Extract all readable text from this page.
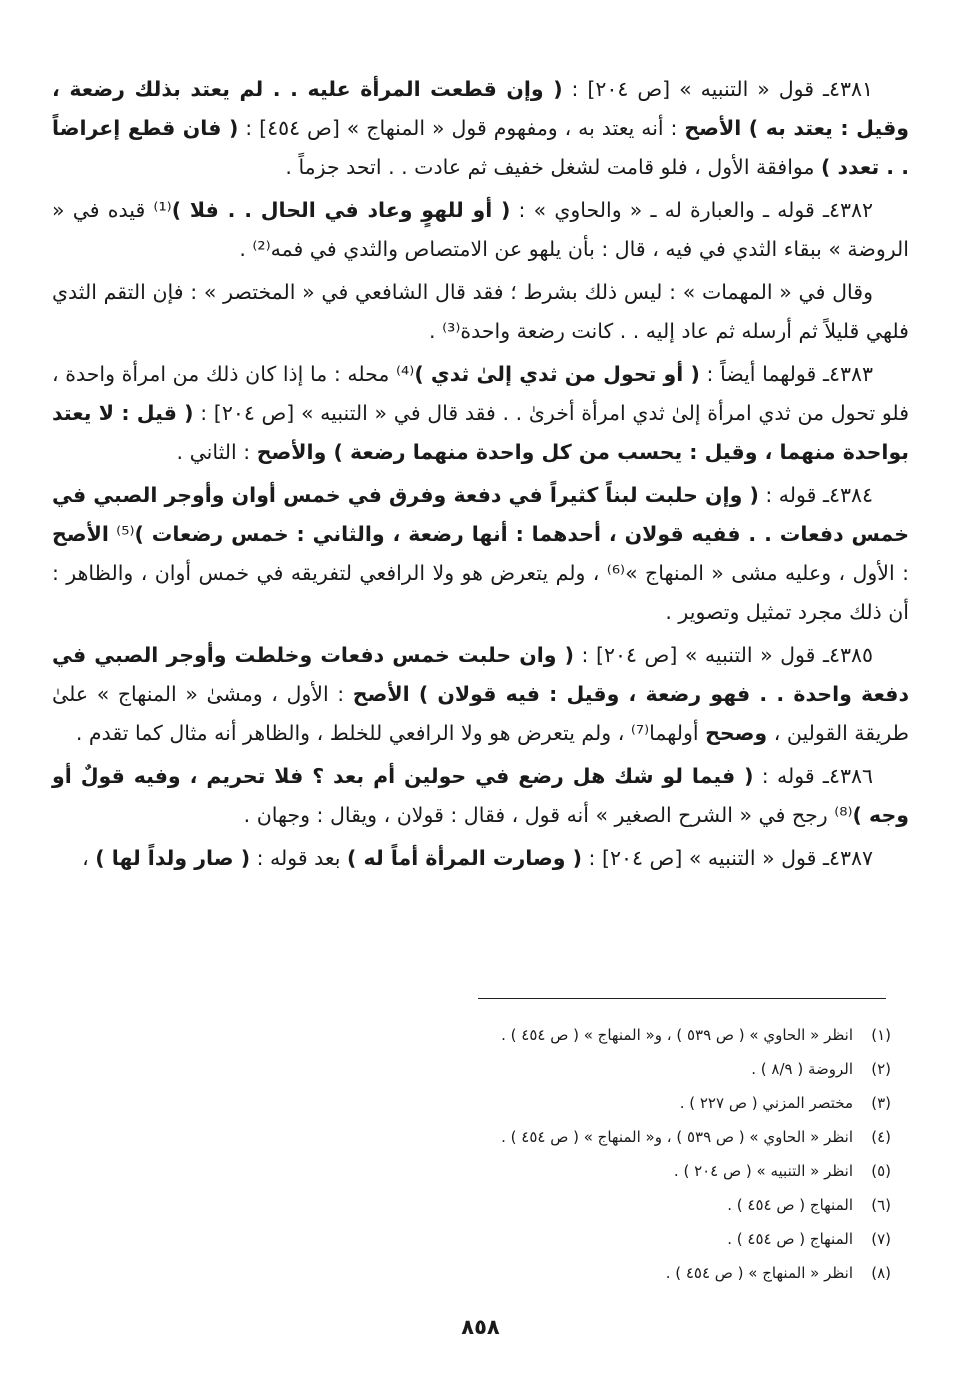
٤٣٨١ـ قول « التنبيه » [ص ٢٠٤] : ( وإن قطعت المرأة عليه . . لم يعتد بذلك رضعة ، وقيل : يعتد به ) الأصح : أنه يعتد به ، ومفهوم قول « المنهاج » [ص ٤٥٤] : ( فان قطع إعراضاً . . تعدد ) موافقة الأول ، فلو قامت لشغل خفيف ثم عادت . . اتحد جزماً .

٤٣٨٢ـ قوله ـ والعبارة له ـ « والحاوي » : ( أو للهوٍ وعاد في الحال . . فلا )⁽¹⁾ قيده في « الروضة » ببقاء الثدي في فيه ، قال : بأن يلهو عن الامتصاص والثدي في فمه⁽²⁾ .

وقال في « المهمات » : ليس ذلك بشرط ؛ فقد قال الشافعي في « المختصر » : فإن التقم الثدي فلهي قليلاً ثم أرسله ثم عاد إليه . . كانت رضعة واحدة⁽³⁾ .

٤٣٨٣ـ قولهما أيضاً : ( أو تحول من ثدي إلىٰ ثدي )⁽⁴⁾ محله : ما إذا كان ذلك من امرأة واحدة ، فلو تحول من ثدي امرأة إلىٰ ثدي امرأة أخرىٰ . . فقد قال في « التنبيه » [ص ٢٠٤] : ( قيل : لا يعتد بواحدة منهما ، وقيل : يحسب من كل واحدة منهما رضعة ) والأصح : الثاني .

٤٣٨٤ـ قوله : ( وإن حلبت لبناً كثيراً في دفعة وفرق في خمس أوان وأوجر الصبي في خمس دفعات . . ففيه قولان ، أحدهما : أنها رضعة ، والثاني : خمس رضعات )⁽⁵⁾ الأصح : الأول ، وعليه مشى « المنهاج »⁽⁶⁾ ، ولم يتعرض هو ولا الرافعي لتفريقه في خمس أوان ، والظاهر : أن ذلك مجرد تمثيل وتصوير .

٤٣٨٥ـ قول « التنبيه » [ص ٢٠٤] : ( وان حلبت خمس دفعات وخلطت وأوجر الصبي في دفعة واحدة . . فهو رضعة ، وقيل : فيه قولان ) الأصح : الأول ، ومشىٰ « المنهاج » علىٰ طريقة القولين ، وصحح أولهما⁽⁷⁾ ، ولم يتعرض هو ولا الرافعي للخلط ، والظاهر أنه مثال كما تقدم .

٤٣٨٦ـ قوله : ( فيما لو شك هل رضع في حولين أم بعد ؟ فلا تحريم ، وفيه قولٌ أو وجه )⁽⁸⁾ رجح في « الشرح الصغير » أنه قول ، فقال : قولان ، ويقال : وجهان .

٤٣٨٧ـ قول « التنبيه » [ص ٢٠٤] : ( وصارت المرأة أماً له ) بعد قوله : ( صار ولداً لها ) ،

(١)
انظر « الحاوي » ( ص ٥٣٩ ) ، و« المنهاج » ( ص ٤٥٤ ) .
(٢)
الروضة ( ٨/٩ ) .
(٣)
مختصر المزني ( ص ٢٢٧ ) .
(٤)
انظر « الحاوي » ( ص ٥٣٩ ) ، و« المنهاج » ( ص ٤٥٤ ) .
(٥)
انظر « التنبيه » ( ص ٢٠٤ ) .
(٦)
المنهاج ( ص ٤٥٤ ) .
(٧)
المنهاج ( ص ٤٥٤ ) .
(٨)
انظر « المنهاج » ( ص ٤٥٤ ) .
٨٥٨
